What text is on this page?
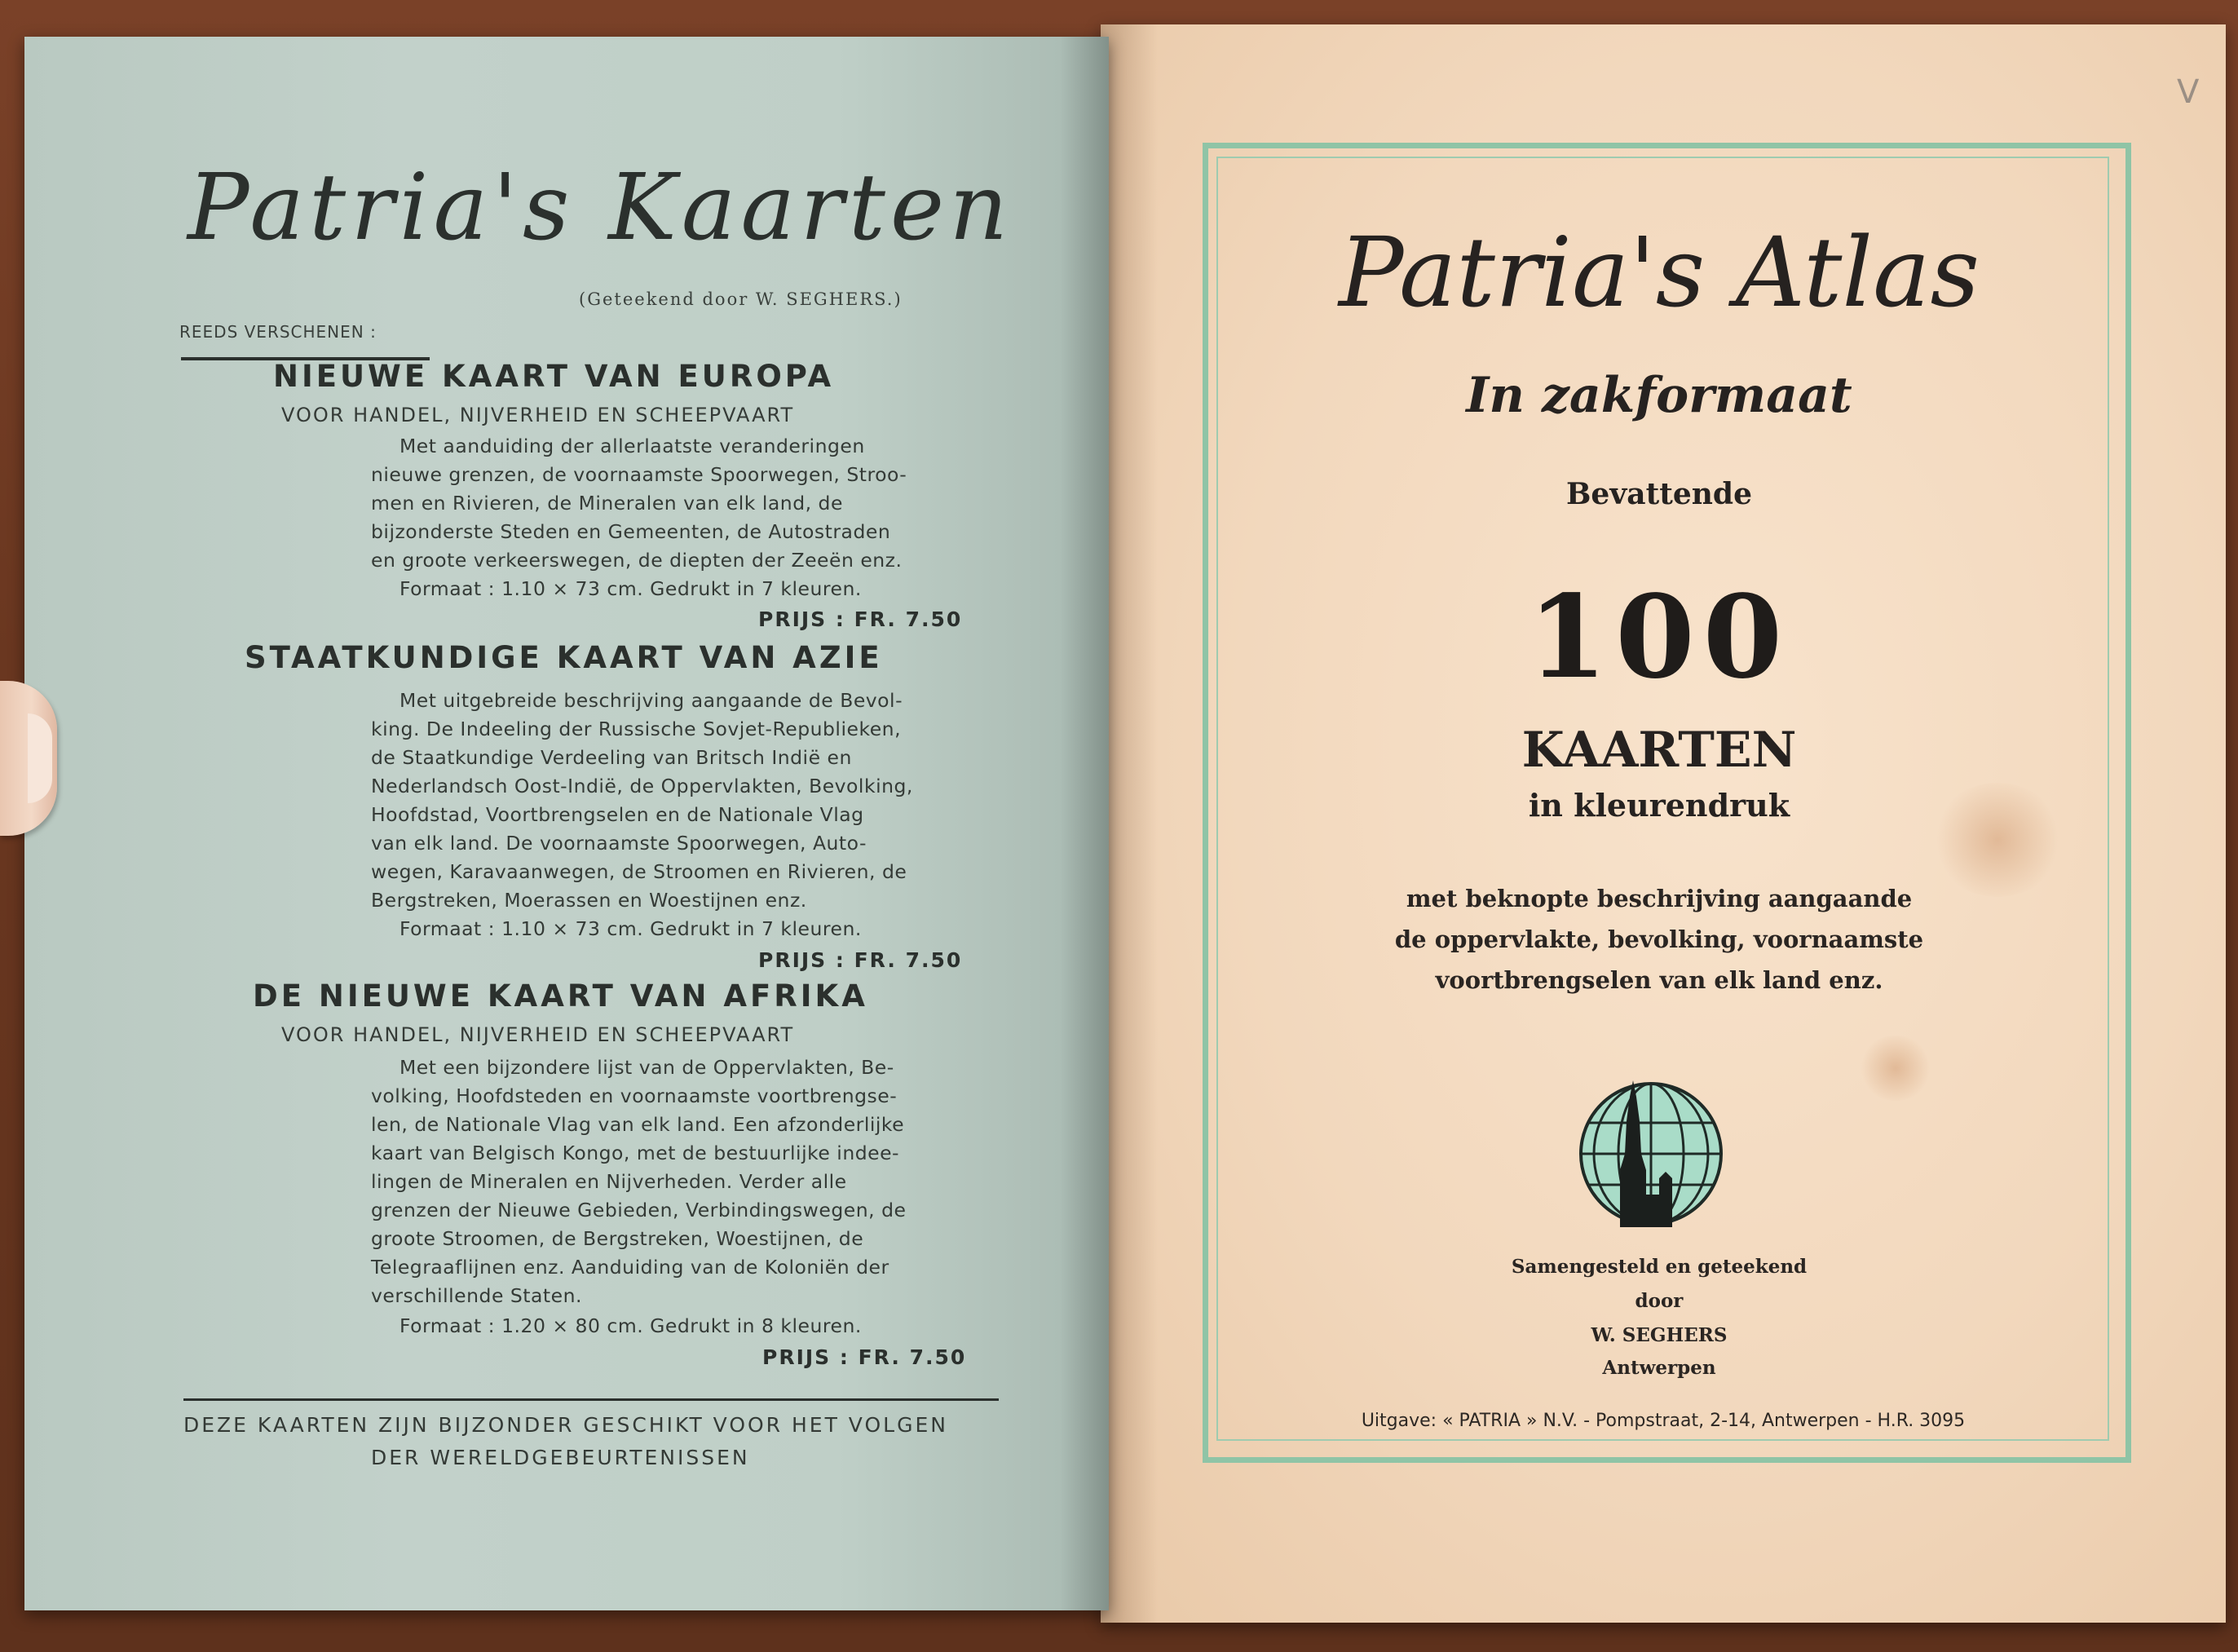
V
Patria's Atlas
In zakformaat
Bevattende
100
KAARTEN
in kleurendruk
met beknopte beschrijving aangaande
de oppervlakte, bevolking, voornaamste
voortbrengselen van elk land enz.
Samengesteld en geteekend
door
W. SEGHERS
Antwerpen
Uitgave: « PATRIA » N.V. - Pompstraat, 2-14, Antwerpen - H.R. 3095
Patria's Kaarten
(Geteekend door W. SEGHERS.)
REEDS VERSCHENEN :
NIEUWE KAART VAN EUROPA
VOOR HANDEL, NIJVERHEID EN SCHEEPVAART
Met aanduiding der allerlaatste veranderingen
nieuwe grenzen, de voornaamste Spoorwegen, Stroo-
men en Rivieren, de Mineralen van elk land, de
bijzonderste Steden en Gemeenten, de Autostraden
en groote verkeerswegen, de diepten der Zeeën enz.
Formaat : 1.10 × 73 cm. Gedrukt in 7 kleuren.
PRIJS : FR. 7.50
STAATKUNDIGE KAART VAN AZIE
Met uitgebreide beschrijving aangaande de Bevol-
king. De Indeeling der Russische Sovjet-Republieken,
de Staatkundige Verdeeling van Britsch Indië en
Nederlandsch Oost-Indië, de Oppervlakten, Bevolking,
Hoofdstad, Voortbrengselen en de Nationale Vlag
van elk land. De voornaamste Spoorwegen, Auto-
wegen, Karavaanwegen, de Stroomen en Rivieren, de
Bergstreken, Moerassen en Woestijnen enz.
Formaat : 1.10 × 73 cm. Gedrukt in 7 kleuren.
PRIJS : FR. 7.50
DE NIEUWE KAART VAN AFRIKA
VOOR HANDEL, NIJVERHEID EN SCHEEPVAART
Met een bijzondere lijst van de Oppervlakten, Be-
volking, Hoofdsteden en voornaamste voortbrengse-
len, de Nationale Vlag van elk land. Een afzonderlijke
kaart van Belgisch Kongo, met de bestuurlijke indee-
lingen de Mineralen en Nijverheden. Verder alle
grenzen der Nieuwe Gebieden, Verbindingswegen, de
groote Stroomen, de Bergstreken, Woestijnen, de
Telegraaflijnen enz. Aanduiding van de Koloniën der
verschillende Staten.
Formaat : 1.20 × 80 cm. Gedrukt in 8 kleuren.
PRIJS : FR. 7.50
DEZE KAARTEN ZIJN BIJZONDER GESCHIKT VOOR HET VOLGEN
DER WERELDGEBEURTENISSEN
